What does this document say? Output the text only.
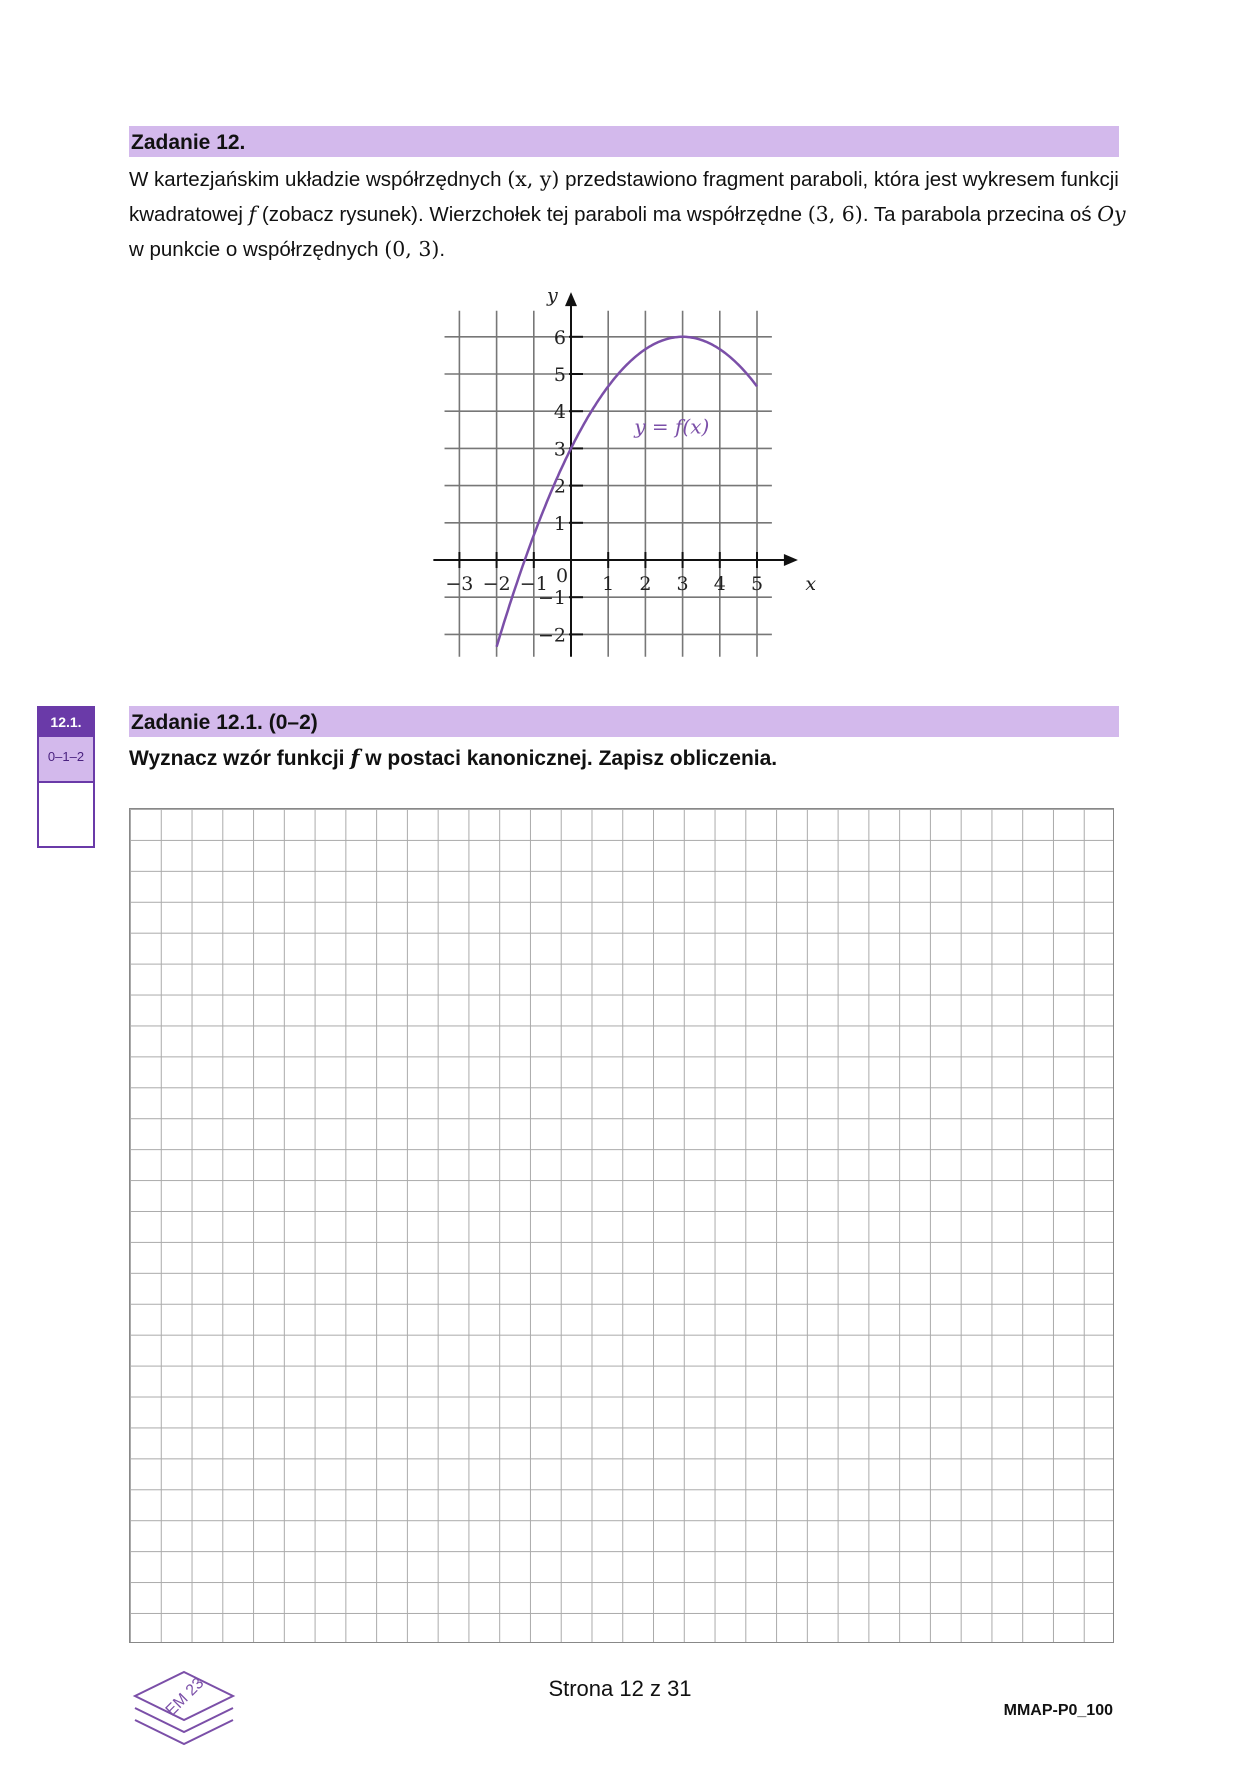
Zadanie 12.
W kartezjańskim układzie współrzędnych (x, y) przedstawiono fragment paraboli, która jest wykresem funkcji kwadratowej f (zobacz rysunek). Wierzchołek tej paraboli ma współrzędne (3, 6). Ta parabola przecina oś Oy w punkcie o współrzędnych (0, 3).
−3 −2 −1	1 2 3 4 5
−2
−1
1
2
3
4
5
6
0	x
y
y = f(x)
12.1.
0–1–2
Zadanie 12.1. (0–2)
Wyznacz wzór funkcji f w postaci kanonicznej. Zapisz obliczenia.
EM 23	Strona 12 z 31
MMAP-P0_100
